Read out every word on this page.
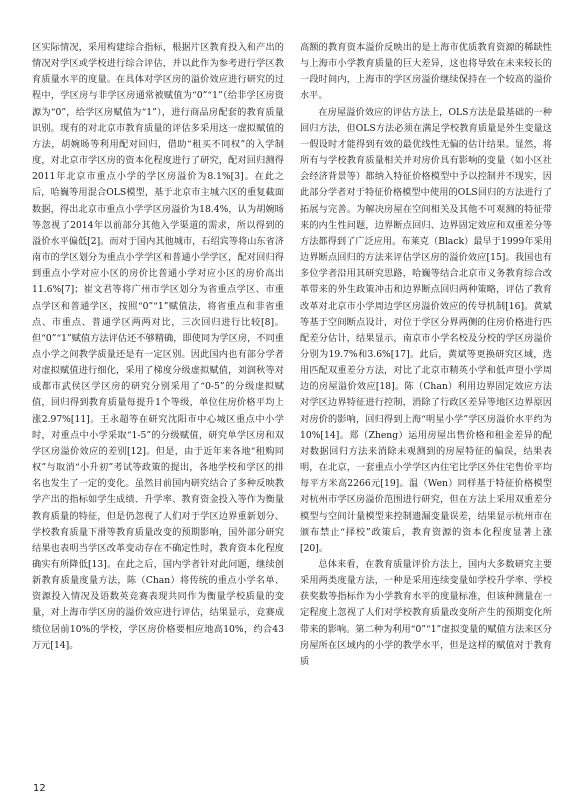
区实际情况，采用构建综合指标，根据片区教育投入和产出的情况对学区或学校进行综合评估，并以此作为参考进行学区教育质量水平的度量。在具体对学区房的溢价效应进行研究的过程中，学区房与非学区房通常被赋值为“0”“1”（给非学区房资源为“0”，给学区房赋值为“1”），进行商品房配套的教育质量识别。现有的对北京市教育质量的评估多采用这一虚拟赋值的方法，胡婉旸等利用配对回归，借助“租买不同权”的入学制度，对北京市学区房的资本化程度进行了研究，配对回归测得2011年北京市重点小学的学区房溢价为8.1%[3]。在此之后，哈巍等用混合OLS模型，基于北京市主城六区的重复截面数据，得出北京市重点小学学区房溢价为18.4%，认为胡婉旸等忽视了2014年以前部分其他入学渠道的需求，所以得到的溢价水平偏低[2]。而对于国内其他城市，石绍宾等将山东省济南市的学区划分为重点小学学区和普通小学学区，配对回归得到重点小学对应小区的房价比普通小学对应小区的房价高出11.6%[7]；崔文君等将广州市学区划分为省重点学区、市重点学区和普通学区，按照“0”“1”赋值法，将省重点和非省重点、市重点、普通学区两两对比，三次回归进行比较[8]。但“0”“1”赋值方法评估还不够精确，即使同为学区房，不同重点小学之间教学质量还是有一定区别。因此国内也有部分学者对虚拟赋值进行细化，采用了梯度分级虚拟赋值，刘润秋等对成都市武侯区学区房的研究分别采用了“0-5”的分级虚拟赋值，回归得到教育质量每提升1个等级，单位住房价格平均上涨2.97%[11]。王永超等在研究沈阳市中心城区重点中小学时，对重点中小学采取“1-5”的分级赋值，研究单学区房和双学区房溢价效应的差别[12]。但是，由于近年来各地“租购同权”与取消“小升初”考试等政策的提出，各地学校和学区的排名也发生了一定的变化。虽然目前国内研究结合了多种反映教学产出的指标如学生成绩、升学率、教育资金投入等作为衡量教育质量的特征，但是仍忽视了人们对于学区边界重新划分、学校教育质量下滑等教育质量改变的预期影响，国外部分研究结果也表明当学区改革变动存在不确定性时，教育资本化程度确实有所降低[13]。在此之后，国内学者针对此问题，继续创新教育质量度量方法，陈（Chan）将传统的重点小学名单、资源投入情况及语数英竞赛表现共同作为衡量学校质量的变量，对上海市学区房的溢价效应进行评估，结果显示，竞赛成绩位居前10%的学校，学区房价格要相应地高10%，约合43万元[14]。

高额的教育资本溢价反映出的是上海市优质教育资源的稀缺性与上海市小学教育质量的巨大差异，这也将导致在未来较长的一段时间内，上海市的学区房溢价继续保持在一个较高的溢价水平。

在房屋溢价效应的评估方法上，OLS方法是最基础的一种回归方法，但OLS方法必须在满足学校教育质量是外生变量这一假设时才能得到有效的最优线性无偏的估计结果。显然，将所有与学校教育质量相关并对房价具有影响的变量（如小区社会经济背景等）都纳入特征价格模型中予以控制并不现实，因此部分学者对于特征价格模型中使用的OLS回归的方法进行了拓展与完善。为解决房屋在空间相关及其他不可观测的特征带来的内生性问题，边界断点回归、边界固定效应和双重差分等方法都得到了广泛应用。布莱克（Black）最早于1999年采用边界断点回归的方法来评估学区房的溢价效应[15]。我国也有多位学者沿用其研究思路，哈巍等结合北京市义务教育综合改革带来的外生政策冲击和边界断点回归两种策略，评估了教育改革对北京市小学周边学区房溢价效应的传导机制[16]。黄斌等基于空间断点设计，对位于学区分界两侧的住房价格进行匹配差分估计，结果显示，南京市小学名校及分校的学区房溢价分别为19.7%和3.6%[17]。此后，黄斌等更换研究区域，选用匹配双重差分方法，对比了北京市精英小学和低声望小学周边的房屋溢价效应[18]。陈（Chan）利用边界固定效应方法对学区边界特征进行控制，消除了行政区差异等地区边界原因对房价的影响，回归得到上海“明星小学”学区房溢价水平约为10%[14]。郑（Zheng）运用房屋出售价格和租金差异的配对数据回归方法来消除未观测到的房屋特征的偏误，结果表明，在北京，一套重点小学学区内住宅比学区外住宅售价平均每平方米高2266元[19]。温（Wen）同样基于特征价格模型对杭州市学区房溢价范围进行研究，但在方法上采用双重差分模型与空间计量模型来控制遗漏变量误差，结果显示杭州市在颁布禁止“择校”政策后，教育资源的资本化程度显著上涨[20]。

总体来看，在教育质量评价方法上，国内大多数研究主要采用两类度量方法，一种是采用连续变量如学校升学率、学校获奖数等指标作为小学教育水平的度量标准，但该种测量在一定程度上忽视了人们对学校教育质量改变所产生的预期变化所带来的影响。第二种为利用“0”“1”虚拟变量的赋值方法来区分房屋所在区域内的小学的教学水平，但是这样的赋值对于教育质

12
